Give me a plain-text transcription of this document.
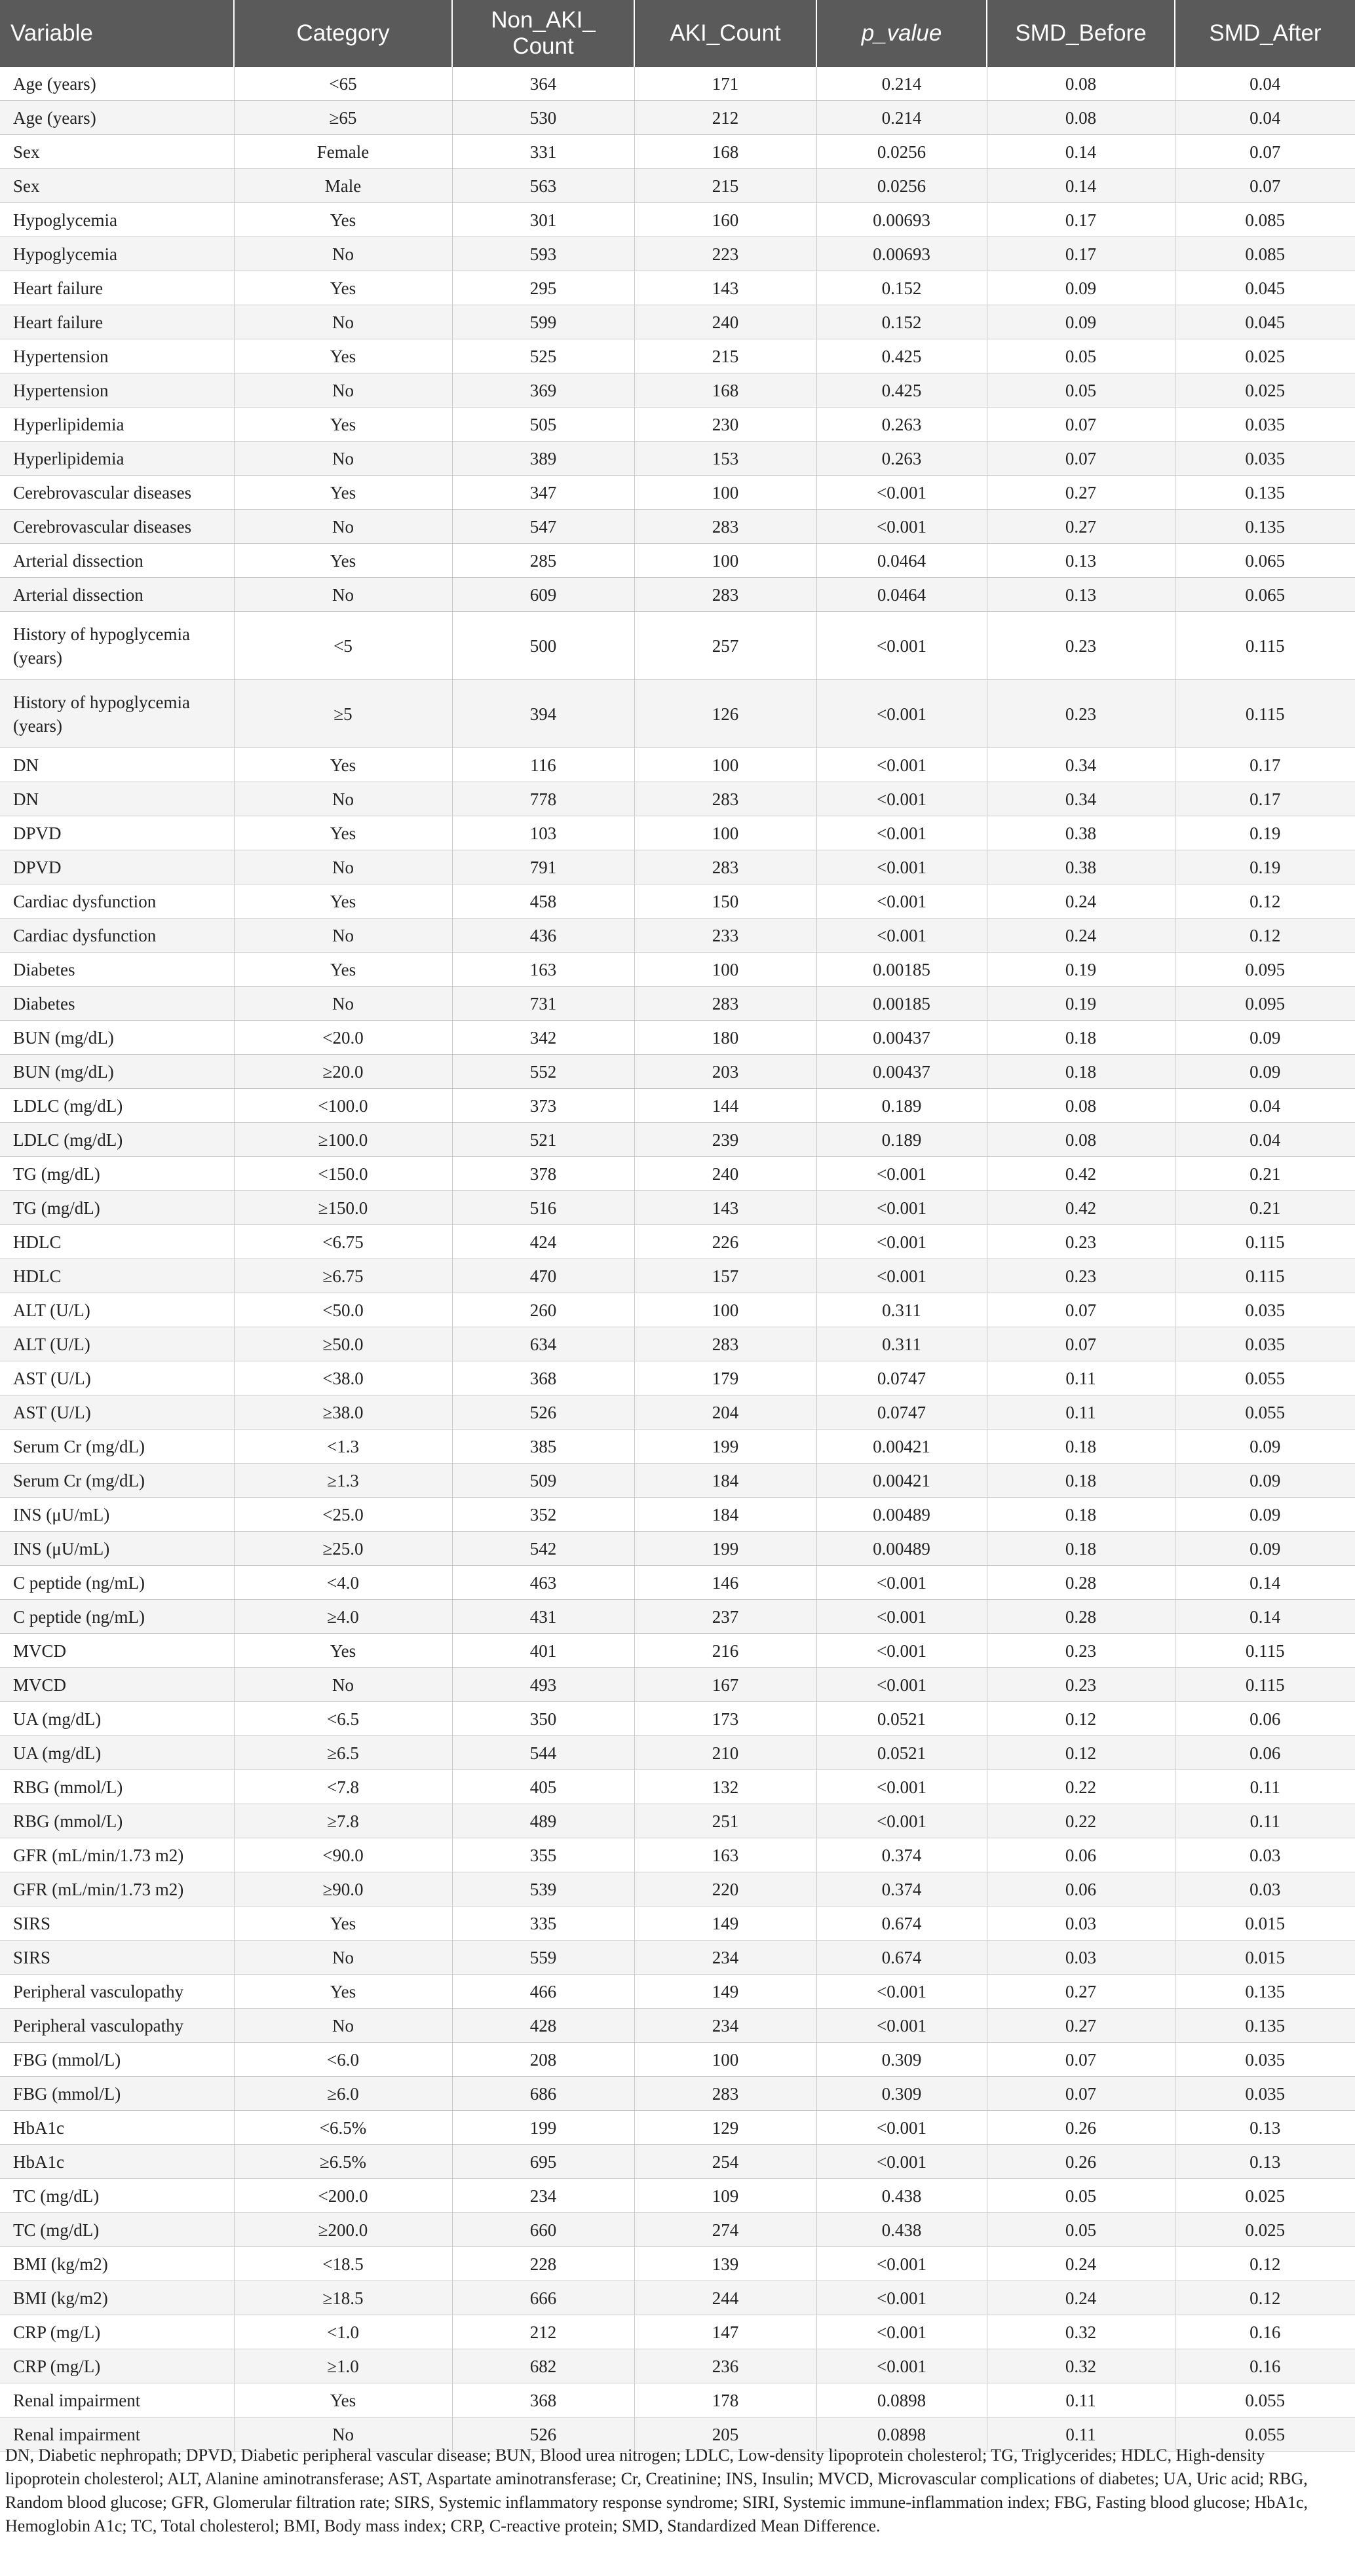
Variable	Category	Non_AKI_ Count	AKI_Count	p_value	SMD_Before	SMD_After
Age (years)	<65	364	171	0.214	0.08	0.04
Age (years)	≥65	530	212	0.214	0.08	0.04
Sex	Female	331	168	0.0256	0.14	0.07
Sex	Male	563	215	0.0256	0.14	0.07
Hypoglycemia	Yes	301	160	0.00693	0.17	0.085
Hypoglycemia	No	593	223	0.00693	0.17	0.085
Heart failure	Yes	295	143	0.152	0.09	0.045
Heart failure	No	599	240	0.152	0.09	0.045
Hypertension	Yes	525	215	0.425	0.05	0.025
Hypertension	No	369	168	0.425	0.05	0.025
Hyperlipidemia	Yes	505	230	0.263	0.07	0.035
Hyperlipidemia	No	389	153	0.263	0.07	0.035
Cerebrovascular diseases	Yes	347	100	<0.001	0.27	0.135
Cerebrovascular diseases	No	547	283	<0.001	0.27	0.135
Arterial dissection	Yes	285	100	0.0464	0.13	0.065
Arterial dissection	No	609	283	0.0464	0.13	0.065
History of hypoglycemia (years)	<5	500	257	<0.001	0.23	0.115
History of hypoglycemia (years)	≥5	394	126	<0.001	0.23	0.115
DN	Yes	116	100	<0.001	0.34	0.17
DN	No	778	283	<0.001	0.34	0.17
DPVD	Yes	103	100	<0.001	0.38	0.19
DPVD	No	791	283	<0.001	0.38	0.19
Cardiac dysfunction	Yes	458	150	<0.001	0.24	0.12
Cardiac dysfunction	No	436	233	<0.001	0.24	0.12
Diabetes	Yes	163	100	0.00185	0.19	0.095
Diabetes	No	731	283	0.00185	0.19	0.095
BUN (mg/dL)	<20.0	342	180	0.00437	0.18	0.09
BUN (mg/dL)	≥20.0	552	203	0.00437	0.18	0.09
LDLC (mg/dL)	<100.0	373	144	0.189	0.08	0.04
LDLC (mg/dL)	≥100.0	521	239	0.189	0.08	0.04
TG (mg/dL)	<150.0	378	240	<0.001	0.42	0.21
TG (mg/dL)	≥150.0	516	143	<0.001	0.42	0.21
HDLC	<6.75	424	226	<0.001	0.23	0.115
HDLC	≥6.75	470	157	<0.001	0.23	0.115
ALT (U/L)	<50.0	260	100	0.311	0.07	0.035
ALT (U/L)	≥50.0	634	283	0.311	0.07	0.035
AST (U/L)	<38.0	368	179	0.0747	0.11	0.055
AST (U/L)	≥38.0	526	204	0.0747	0.11	0.055
Serum Cr (mg/dL)	<1.3	385	199	0.00421	0.18	0.09
Serum Cr (mg/dL)	≥1.3	509	184	0.00421	0.18	0.09
INS (μU/mL)	<25.0	352	184	0.00489	0.18	0.09
INS (μU/mL)	≥25.0	542	199	0.00489	0.18	0.09
C peptide (ng/mL)	<4.0	463	146	<0.001	0.28	0.14
C peptide (ng/mL)	≥4.0	431	237	<0.001	0.28	0.14
MVCD	Yes	401	216	<0.001	0.23	0.115
MVCD	No	493	167	<0.001	0.23	0.115
UA (mg/dL)	<6.5	350	173	0.0521	0.12	0.06
UA (mg/dL)	≥6.5	544	210	0.0521	0.12	0.06
RBG (mmol/L)	<7.8	405	132	<0.001	0.22	0.11
RBG (mmol/L)	≥7.8	489	251	<0.001	0.22	0.11
GFR (mL/min/1.73 m2)	<90.0	355	163	0.374	0.06	0.03
GFR (mL/min/1.73 m2)	≥90.0	539	220	0.374	0.06	0.03
SIRS	Yes	335	149	0.674	0.03	0.015
SIRS	No	559	234	0.674	0.03	0.015
Peripheral vasculopathy	Yes	466	149	<0.001	0.27	0.135
Peripheral vasculopathy	No	428	234	<0.001	0.27	0.135
FBG (mmol/L)	<6.0	208	100	0.309	0.07	0.035
FBG (mmol/L)	≥6.0	686	283	0.309	0.07	0.035
HbA1c	<6.5%	199	129	<0.001	0.26	0.13
HbA1c	≥6.5%	695	254	<0.001	0.26	0.13
TC (mg/dL)	<200.0	234	109	0.438	0.05	0.025
TC (mg/dL)	≥200.0	660	274	0.438	0.05	0.025
BMI (kg/m2)	<18.5	228	139	<0.001	0.24	0.12
BMI (kg/m2)	≥18.5	666	244	<0.001	0.24	0.12
CRP (mg/L)	<1.0	212	147	<0.001	0.32	0.16
CRP (mg/L)	≥1.0	682	236	<0.001	0.32	0.16
Renal impairment	Yes	368	178	0.0898	0.11	0.055
Renal impairment	No	526	205	0.0898	0.11	0.055
DN, Diabetic nephropath; DPVD, Diabetic peripheral vascular disease; BUN, Blood urea nitrogen; LDLC, Low-density lipoprotein cholesterol; TG, Triglycerides; HDLC, High-density lipoprotein cholesterol; ALT, Alanine aminotransferase; AST, Aspartate aminotransferase; Cr, Creatinine; INS, Insulin; MVCD, Microvascular complications of diabetes; UA, Uric acid; RBG, Random blood glucose; GFR, Glomerular filtration rate; SIRS, Systemic inflammatory response syndrome; SIRI, Systemic immune-inflammation index; FBG, Fasting blood glucose; HbA1c, Hemoglobin A1c; TC, Total cholesterol; BMI, Body mass index; CRP, C-reactive protein; SMD, Standardized Mean Difference.
